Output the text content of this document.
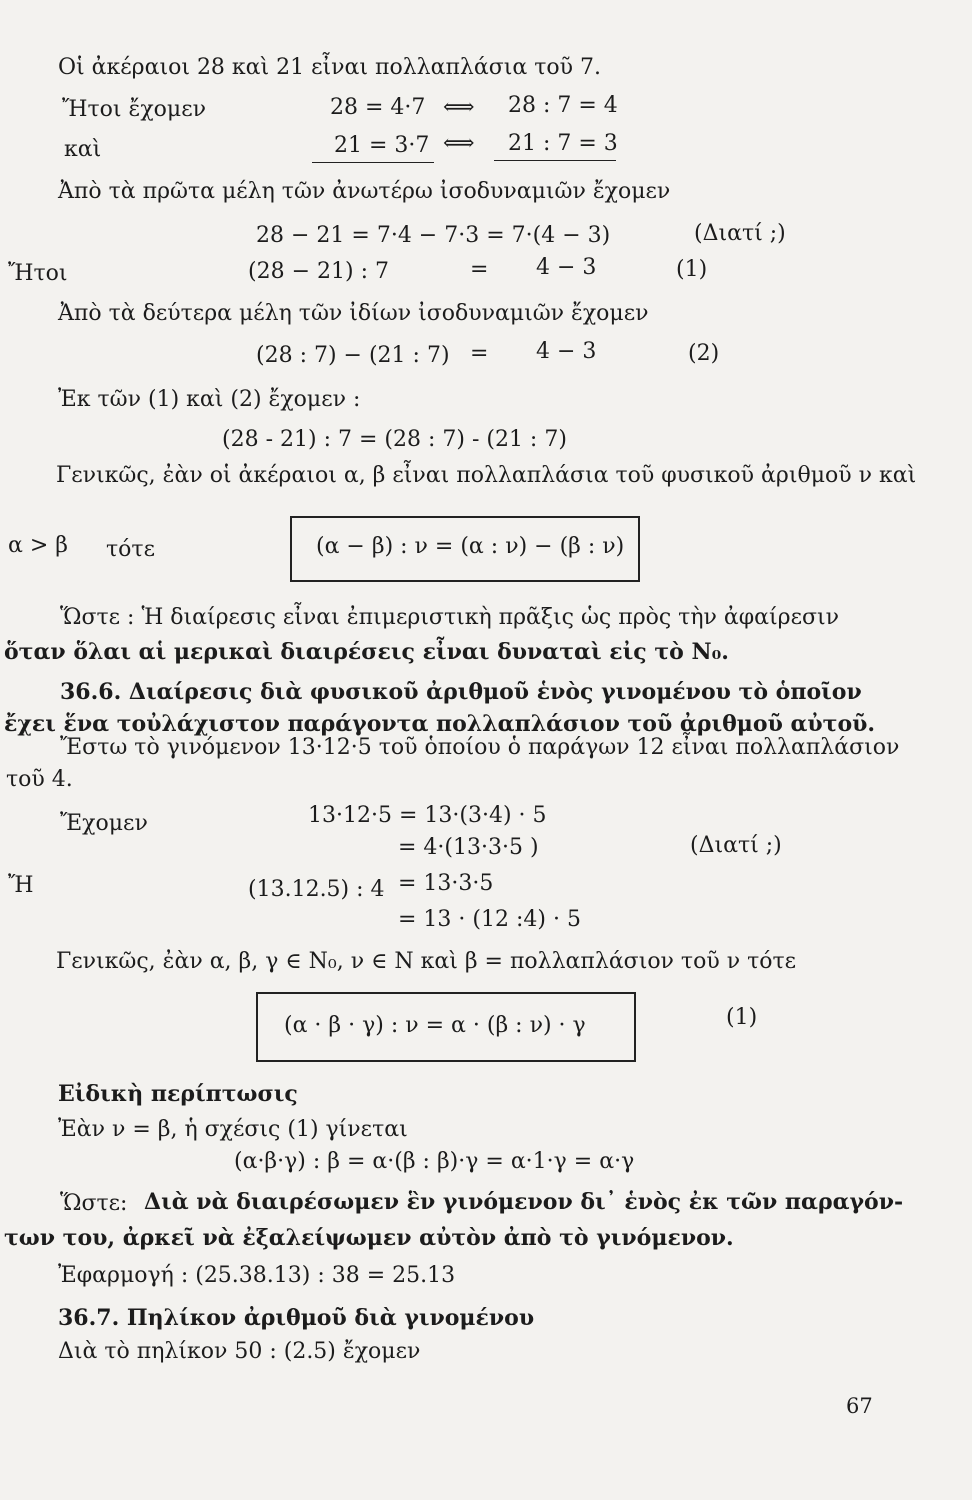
Οἱ ἀκέραιοι 28 καὶ 21 εἶναι πολλαπλάσια τοῦ 7.
Ἤτοι ἔχομεν	28 = 4·7 ⟺ 28 : 7 = 4
καὶ	21 = 3·7 ⟺	21 : 7 = 3
Ἀπὸ τὰ πρῶτα μέλη τῶν ἀνωτέρω ἰσοδυναμιῶν ἔχομεν
28 − 21 = 7·4 − 7·3 = 7·(4 − 3)	(Διατί ;)
Ἤτοι	(28 − 21) : 7	= 4 − 3	(1)
Ἀπὸ τὰ δεύτερα μέλη τῶν ἰδίων ἰσοδυναμιῶν ἔχομεν
(28 : 7) − (21 : 7) = 4 − 3	(2)
Ἐκ τῶν (1) καὶ (2) ἔχομεν :
(28 - 21) : 7 = (28 : 7) - (21 : 7)
Γενικῶς, ἐὰν οἱ ἀκέραιοι α, β εἶναι πολλαπλάσια τοῦ φυσικοῦ ἀριθμοῦ ν καὶ
α > β τότε	(α − β) : ν = (α : ν) − (β : ν)
Ὥστε : Ἡ διαίρεσις εἶναι ἐπιμεριστικὴ πρᾶξις ὡς πρὸς τὴν ἀφαίρεσιν
ὅταν ὅλαι αἱ μερικαὶ διαιρέσεις εἶναι δυναταὶ εἰς τὸ N₀.
36.6. Διαίρεσις διὰ φυσικοῦ ἀριθμοῦ ἑνὸς γινομένου τὸ ὁποῖον
ἔχει ἕνα τοὐλάχιστον παράγοντα πολλαπλάσιον τοῦ ἀριθμοῦ αὐτοῦ.
Ἔστω τὸ γινόμενον 13·12·5 τοῦ ὁποίου ὁ παράγων 12 εἶναι πολλαπλάσιον
τοῦ 4.
Ἔχομεν	13·12·5 = 13·(3·4) · 5
= 4·(13·3·5 )	(Διατί ;)
Ἤ	(13.12.5) : 4 = 13·3·5
= 13 · (12 :4) · 5
Γενικῶς, ἐὰν α, β, γ ∈ N₀, ν ∈ N καὶ β = πολλαπλάσιον τοῦ ν τότε
(α · β · γ) : ν = α · (β : ν) · γ	(1)
Εἰδικὴ περίπτωσις
Ἐὰν ν = β, ἡ σχέσις (1) γίνεται
(α·β·γ) : β = α·(β : β)·γ = α·1·γ = α·γ
Ὥστε: Διὰ νὰ διαιρέσωμεν ἓν γινόμενον δι᾽ ἑνὸς ἐκ τῶν παραγόν-
των του, ἀρκεῖ νὰ ἐξαλείψωμεν αὐτὸν ἀπὸ τὸ γινόμενον.
Ἐφαρμογή : (25.38.13) : 38 = 25.13
36.7. Πηλίκον ἀριθμοῦ διὰ γινομένου
Διὰ τὸ πηλίκον 50 : (2.5) ἔχομεν
67
